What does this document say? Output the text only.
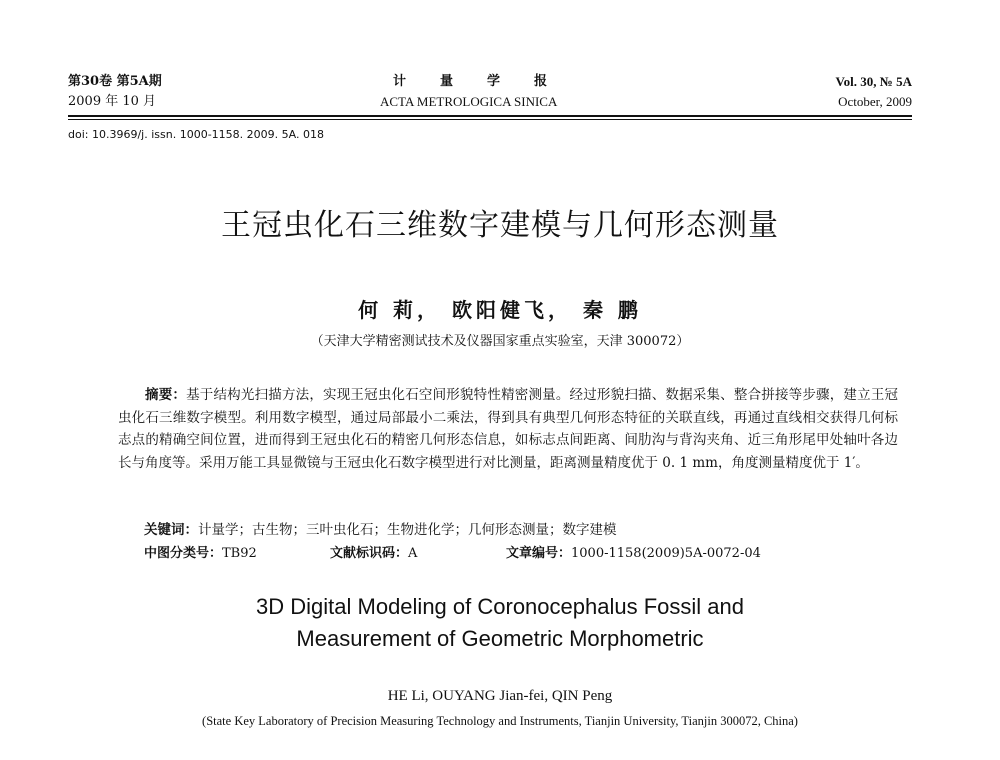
第30卷 第5A期
2009 年 10 月
计量学报
ACTA METROLOGICA SINICA
Vol. 30, № 5A
October, 2009
doi: 10.3969/j. issn. 1000-1158. 2009. 5A. 018
王冠虫化石三维数字建模与几何形态测量
何 莉， 欧阳健飞， 秦 鹏
（天津大学精密测试技术及仪器国家重点实验室，天津 300072）
摘要：基于结构光扫描方法，实现王冠虫化石空间形貌特性精密测量。经过形貌扫描、数据采集、整合拼接等步骤，建立王冠虫化石三维数字模型。利用数字模型，通过局部最小二乘法，得到具有典型几何形态特征的关联直线，再通过直线相交获得几何标志点的精确空间位置，进而得到王冠虫化石的精密几何形态信息，如标志点间距离、间肋沟与背沟夹角、近三角形尾甲处轴叶各边长与角度等。采用万能工具显微镜与王冠虫化石数字模型进行对比测量，距离测量精度优于 0. 1 mm，角度测量精度优于 1′。
关键词：计量学；古生物；三叶虫化石；生物进化学；几何形态测量；数字建模
中图分类号：TB92	文献标识码：A	文章编号：1000-1158(2009)5A-0072-04
3D Digital Modeling of Coronocephalus Fossil and
Measurement of Geometric Morphometric
HE Li, OUYANG Jian-fei, QIN Peng
(State Key Laboratory of Precision Measuring Technology and Instruments, Tianjin University, Tianjin 300072, China)
